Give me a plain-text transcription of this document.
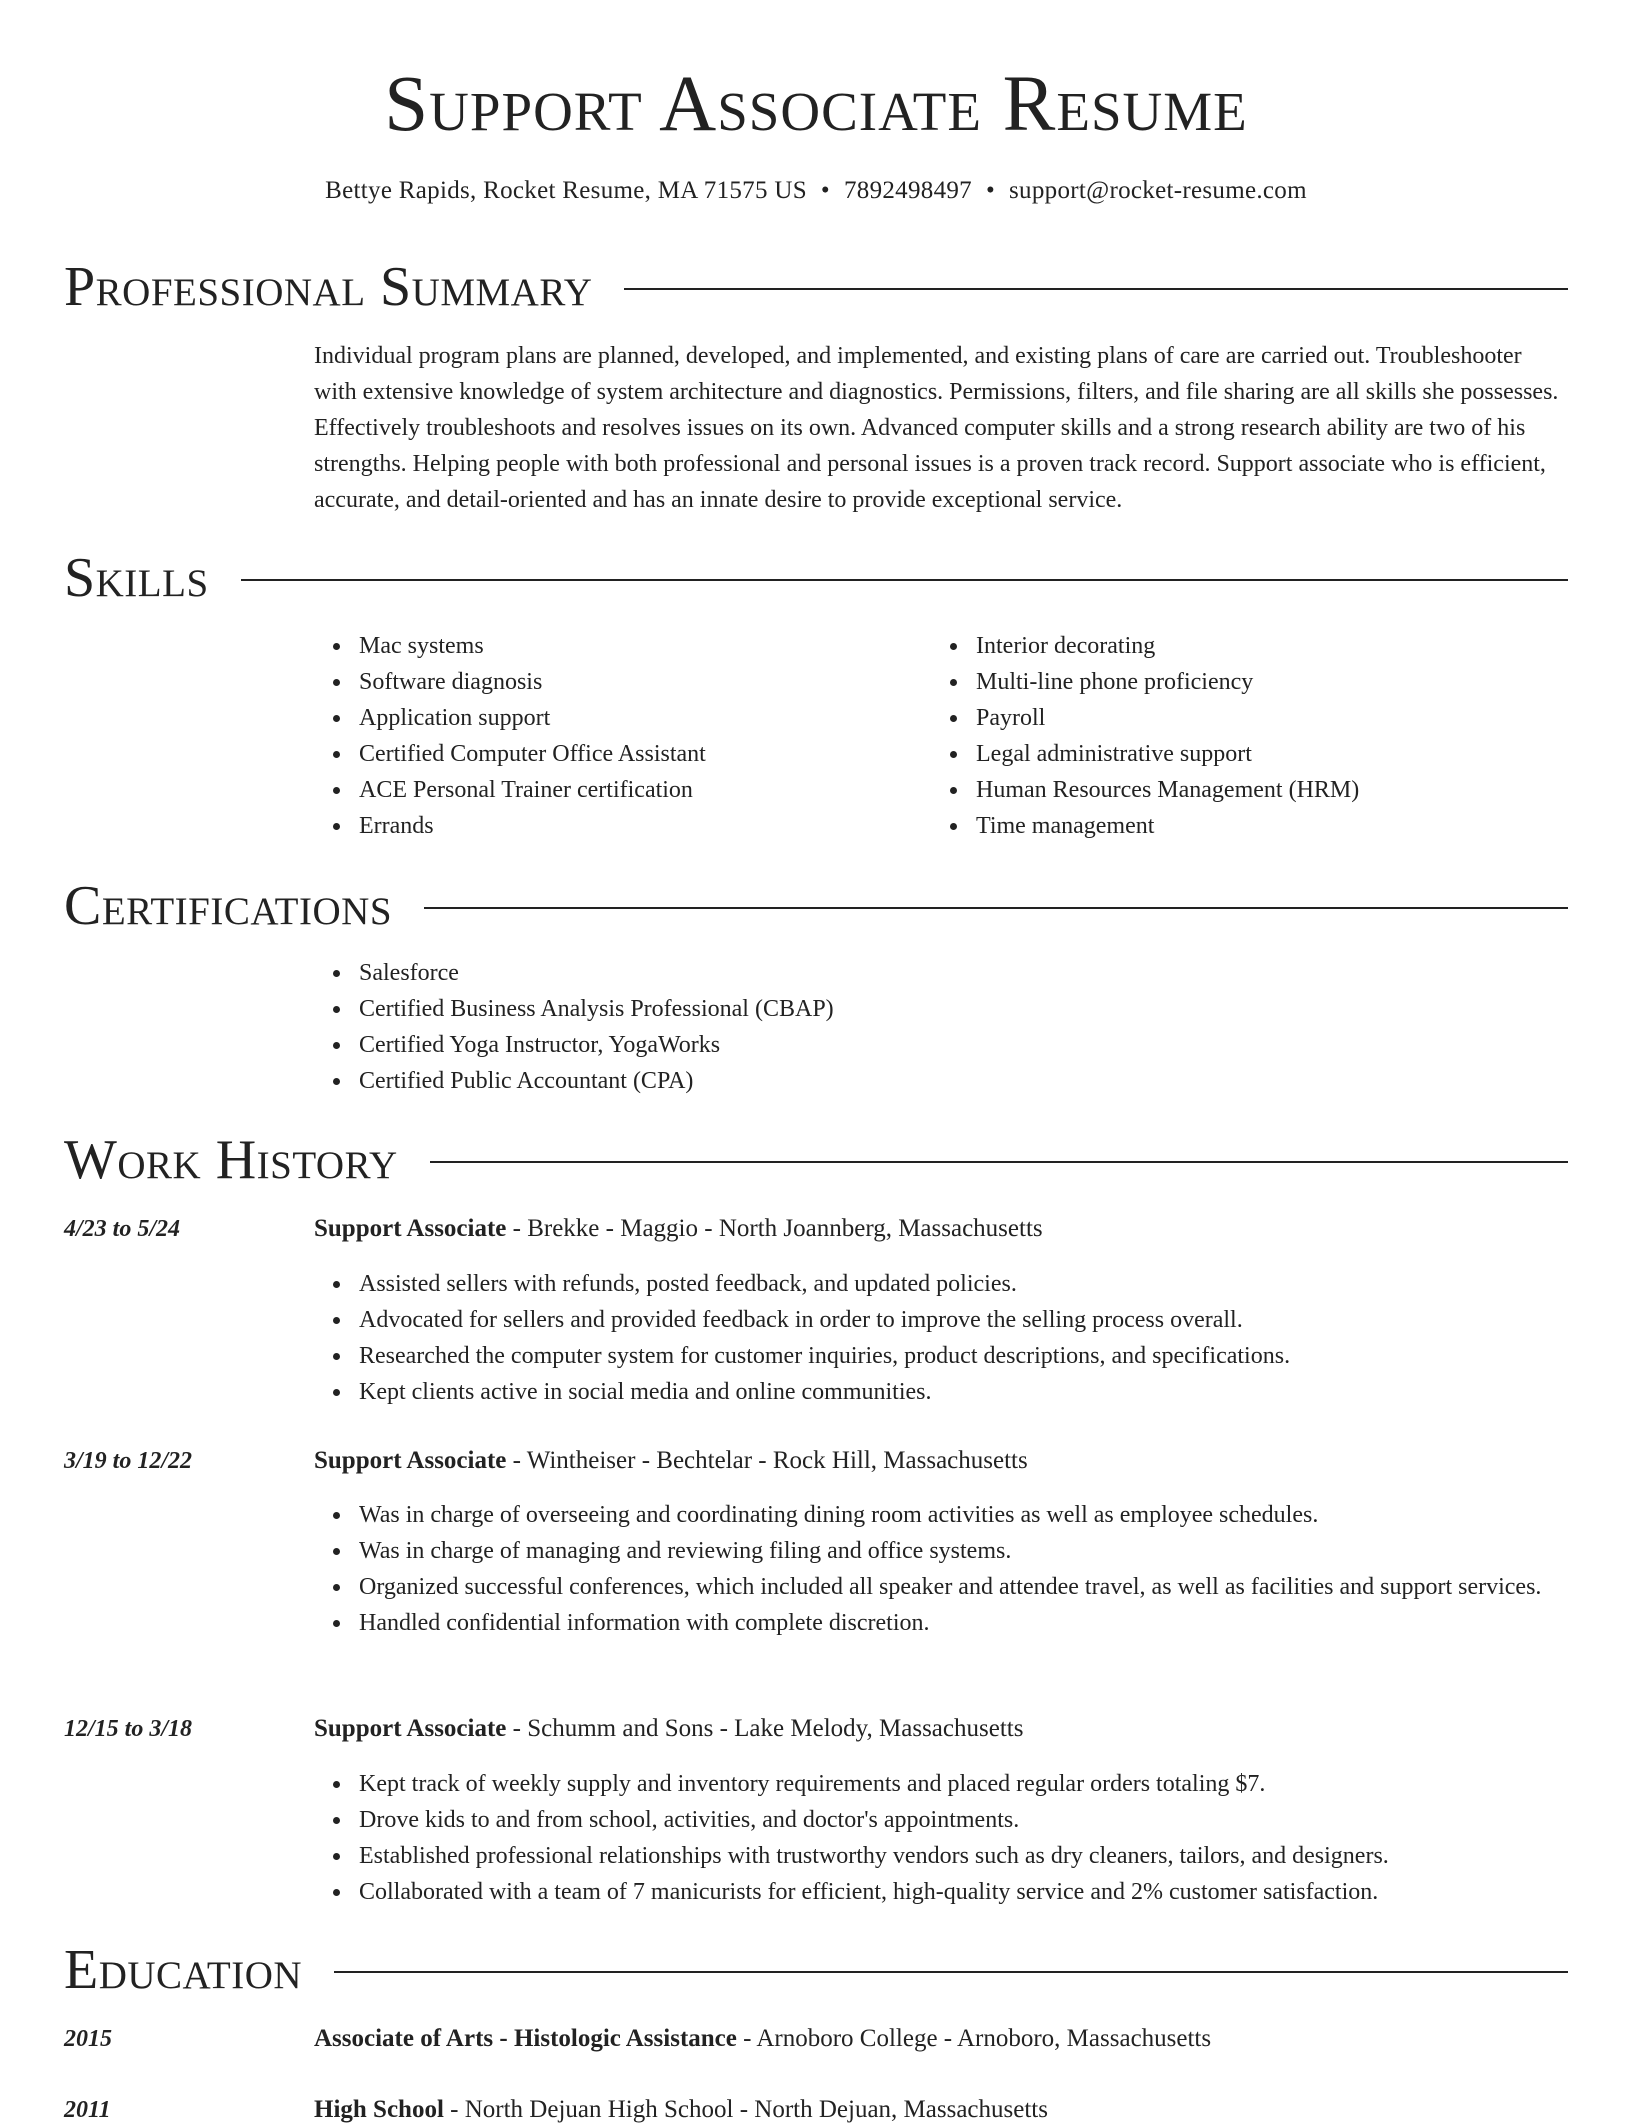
Support Associate Resume
Bettye Rapids, Rocket Resume, MA 71575 US • 7892498497 • support@rocket-resume.com
Professional Summary

Individual program plans are planned, developed, and implemented, and existing plans of care are carried out. Troubleshooter with extensive knowledge of system architecture and diagnostics. Permissions, filters, and file sharing are all skills she possesses. Effectively troubleshoots and resolves issues on its own. Advanced computer skills and a strong research ability are two of his strengths. Helping people with both professional and personal issues is a proven track record. Support associate who is efficient, accurate, and detail-oriented and has an innate desire to provide exceptional service.

Skills
Mac systems
Software diagnosis
Application support
Certified Computer Office Assistant
ACE Personal Trainer certification
Errands
Interior decorating
Multi-line phone proficiency
Payroll
Legal administrative support
Human Resources Management (HRM)
Time management
Certifications
Salesforce
Certified Business Analysis Professional (CBAP)
Certified Yoga Instructor, YogaWorks
Certified Public Accountant (CPA)
Work History
4/23 to 5/24	Support Associate - Brekke - Maggio - North Joannberg, Massachusetts
Assisted sellers with refunds, posted feedback, and updated policies.
Advocated for sellers and provided feedback in order to improve the selling process overall.
Researched the computer system for customer inquiries, product descriptions, and specifications.
Kept clients active in social media and online communities.
3/19 to 12/22	Support Associate - Wintheiser - Bechtelar - Rock Hill, Massachusetts
Was in charge of overseeing and coordinating dining room activities as well as employee schedules.
Was in charge of managing and reviewing filing and office systems.
Organized successful conferences, which included all speaker and attendee travel, as well as facilities and support services.
Handled confidential information with complete discretion.
12/15 to 3/18	Support Associate - Schumm and Sons - Lake Melody, Massachusetts
Kept track of weekly supply and inventory requirements and placed regular orders totaling $7.
Drove kids to and from school, activities, and doctor's appointments.
Established professional relationships with trustworthy vendors such as dry cleaners, tailors, and designers.
Collaborated with a team of 7 manicurists for efficient, high-quality service and 2% customer satisfaction.
Education
2015	Associate of Arts - Histologic Assistance - Arnoboro College - Arnoboro, Massachusetts
2011	High School - North Dejuan High School - North Dejuan, Massachusetts
